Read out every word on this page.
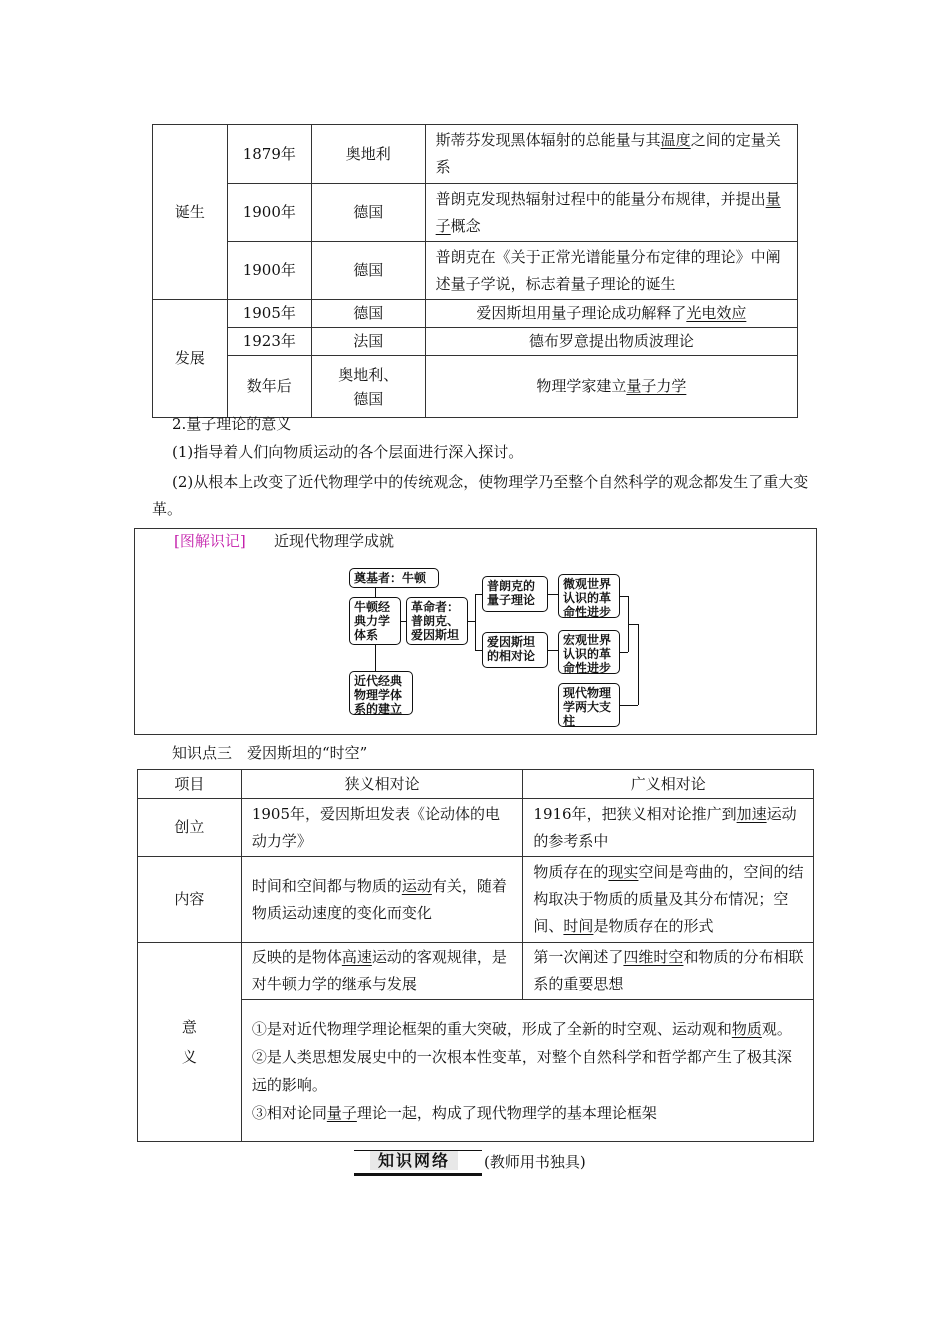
诞生	1879年	奥地利	斯蒂芬发现黑体辐射的总能量与其温度之间的定量关系
	1900年	德国	普朗克发现热辐射过程中的能量分布规律，并提出量子概念
	1900年	德国	普朗克在《关于正常光谱能量分布定律的理论》中阐述量子学说，标志着量子理论的诞生
发展	1905年	德国	爱因斯坦用量子理论成功解释了光电效应
	1923年	法国	德布罗意提出物质波理论
	数年后	奥地利、德国	物理学家建立量子力学
2.量子理论的意义
(1)指导着人们向物质运动的各个层面进行深入探讨。
(2)从根本上改变了近代物理学中的传统观念，使物理学乃至整个自然科学的观念都发生了重大变革。
[图解识记] 近现代物理学成就
奠基者：牛顿
牛顿经典力学体系
革命者：普朗克、爱因斯坦
近代经典物理学体系的建立
普朗克的量子理论
爱因斯坦的相对论
微观世界认识的革命性进步
宏观世界认识的革命性进步
现代物理学两大支柱
知识点三　爱因斯坦的“时空”
项目	狭义相对论	广义相对论
创立	1905年，爱因斯坦发表《论动体的电动力学》	1916年，把狭义相对论推广到加速运动的参考系中
内容	时间和空间都与物质的运动有关，随着物质运动速度的变化而变化	物质存在的现实空间是弯曲的，空间的结构取决于物质的质量及其分布情况；空间、时间是物质存在的形式
意
义	反映的是物体高速运动的客观规律，是对牛顿力学的继承与发展	第一次阐述了四维时空和物质的分布相联系的重要思想

	①是对近代物理学理论框架的重大突破，形成了全新的时空观、运动观和物质观。
②是人类思想发展史中的一次根本性变革，对整个自然科学和哲学都产生了极其深远的影响。
③相对论同量子理论一起，构成了现代物理学的基本理论框架	
知识网络	(教师用书独具)
